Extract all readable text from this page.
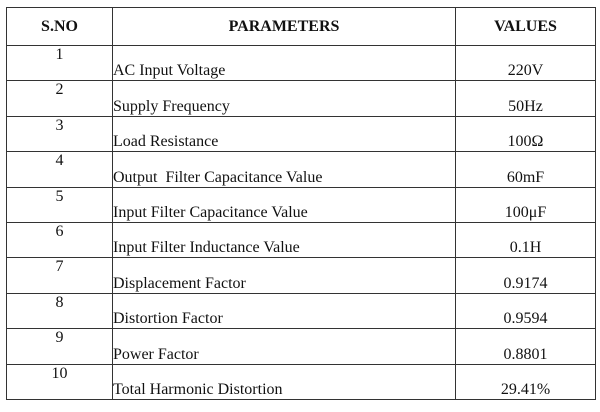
S.NO	PARAMETERS	VALUES
1	AC Input Voltage	220V
2	Supply Frequency	50Hz
3	Load Resistance	100Ω
4	Output  Filter Capacitance Value	60mF
5	Input Filter Capacitance Value	100μF
6	Input Filter Inductance Value	0.1H
7	Displacement Factor	0.9174
8	Distortion Factor	0.9594
9	Power Factor	0.8801
10	Total Harmonic Distortion	29.41%
